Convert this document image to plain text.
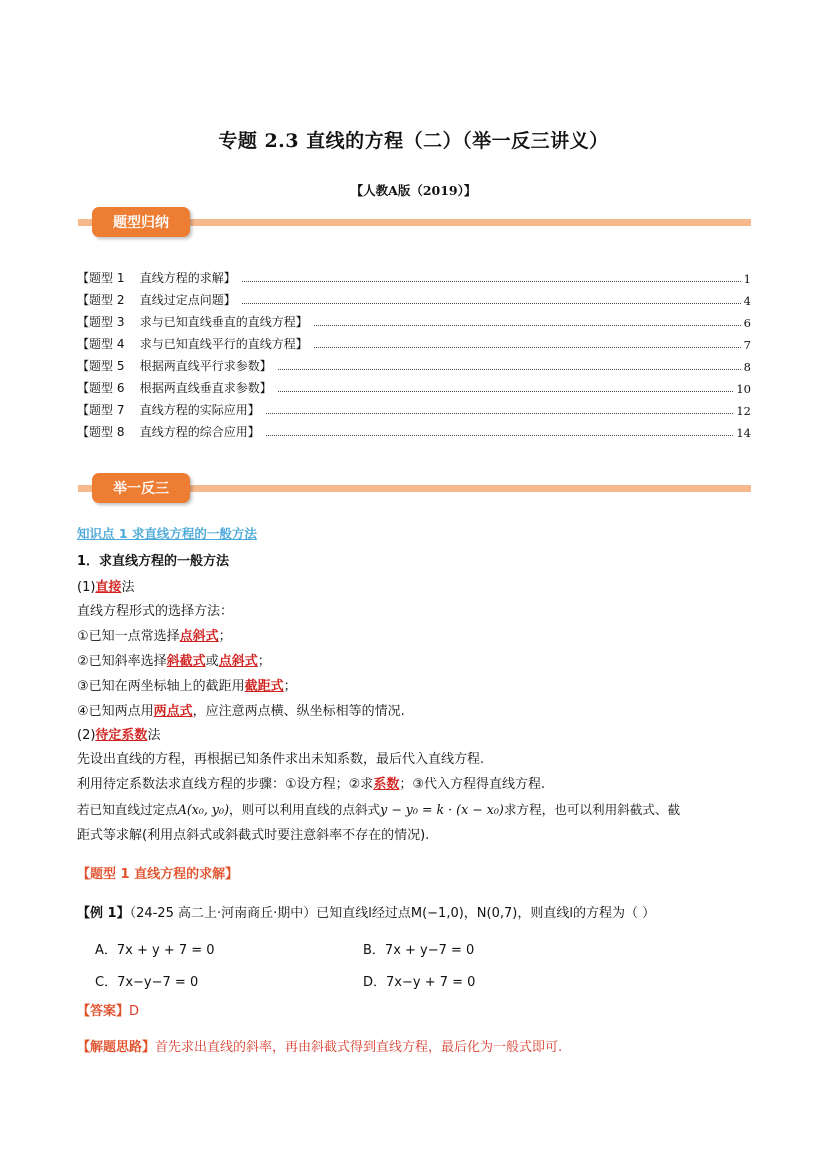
专题 2.3 直线的方程（二）（举一反三讲义）
【人教A版（2019）】
题型归纳
【题型 1    直线方程的求解】	1
【题型 2    直线过定点问题】	4
【题型 3    求与已知直线垂直的直线方程】	6
【题型 4    求与已知直线平行的直线方程】	7
【题型 5    根据两直线平行求参数】	8
【题型 6    根据两直线垂直求参数】	10
【题型 7    直线方程的实际应用】	12
【题型 8    直线方程的综合应用】	14
举一反三
知识点 1 求直线方程的一般方法
1．求直线方程的一般方法
(1)直接法
直线方程形式的选择方法：
①已知一点常选择点斜式；
②已知斜率选择斜截式或点斜式；
③已知在两坐标轴上的截距用截距式；
④已知两点用两点式，应注意两点横、纵坐标相等的情况.
(2)待定系数法
先设出直线的方程，再根据已知条件求出未知系数，最后代入直线方程.
利用待定系数法求直线方程的步骤：①设方程；②求系数；③代入方程得直线方程.
若已知直线过定点A(x₀, y₀)，则可以利用直线的点斜式y − y₀ = k · (x − x₀)求方程，也可以利用斜截式、截
距式等求解(利用点斜式或斜截式时要注意斜率不存在的情况).
【题型 1 直线方程的求解】
【例 1】（24-25 高二上·河南商丘·期中）已知直线l经过点M(−1,0)，N(0,7)，则直线l的方程为（ ）
A．7x + y + 7 = 0	B．7x + y−7 = 0
C．7x−y−7 = 0	D．7x−y + 7 = 0
【答案】D
【解题思路】首先求出直线的斜率，再由斜截式得到直线方程，最后化为一般式即可.
